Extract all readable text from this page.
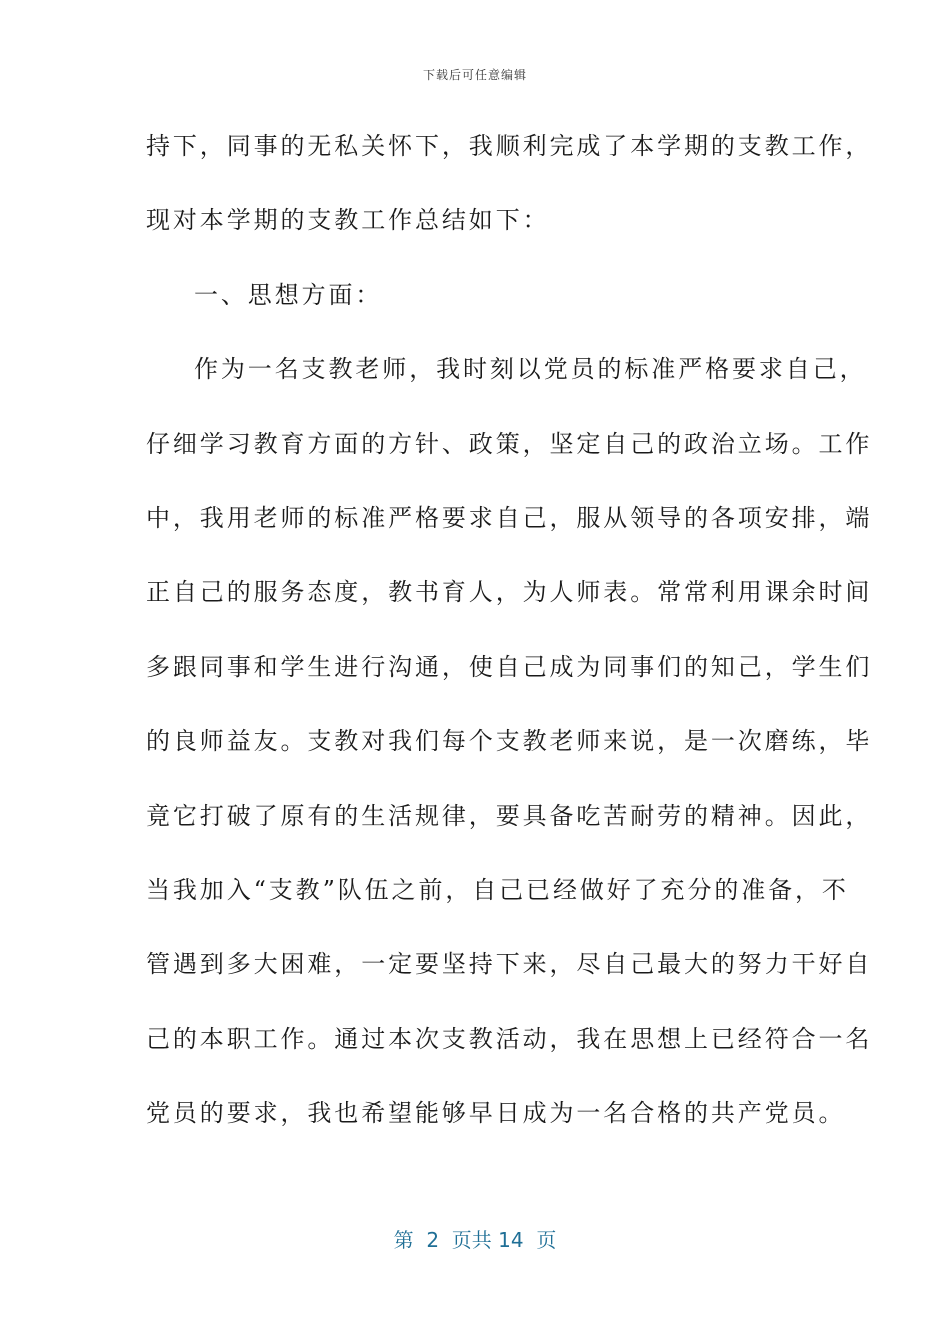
下载后可任意编辑
持下，同事的无私关怀下，我顺利完成了本学期的支教工作，
现对本学期的支教工作总结如下：
一、思想方面：
作为一名支教老师，我时刻以党员的标准严格要求自己，
仔细学习教育方面的方针、政策，坚定自己的政治立场。工作
中，我用老师的标准严格要求自己，服从领导的各项安排，端
正自己的服务态度，教书育人，为人师表。常常利用课余时间
多跟同事和学生进行沟通，使自己成为同事们的知己，学生们
的良师益友。支教对我们每个支教老师来说，是一次磨练，毕
竟它打破了原有的生活规律，要具备吃苦耐劳的精神。因此，
当我加入“支教”队伍之前，自己已经做好了充分的准备，不
管遇到多大困难，一定要坚持下来，尽自己最大的努力干好自
己的本职工作。通过本次支教活动，我在思想上已经符合一名
党员的要求，我也希望能够早日成为一名合格的共产党员。
第  2  页共 14  页
